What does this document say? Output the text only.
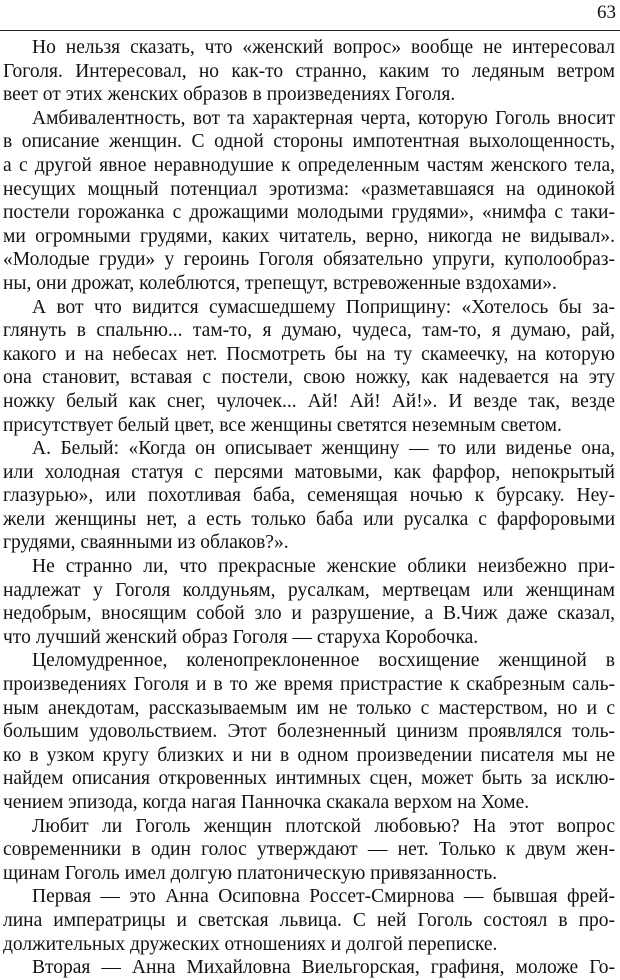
63
Но нельзя сказать, что «женский вопрос» вообще не интересовал
Гоголя. Интересовал, но как-то странно, каким то ледяным ветром
веет от этих женских образов в произведениях Гоголя.
Амбивалентность, вот та характерная черта, которую Гоголь вносит
в описание женщин. С одной стороны импотентная выхолощенность,
а с другой явное неравнодушие к определенным частям женского тела,
несущих мощный потенциал эротизма: «разметавшаяся на одинокой
постели горожанка с дрожащими молодыми грудями», «нимфа с таки-
ми огромными грудями, каких читатель, верно, никогда не видывал».
«Молодые груди» у героинь Гоголя обязательно упруги, куполообраз-
ны, они дрожат, колеблются, трепещут, встревоженные вздохами».
А вот что видится сумасшедшему Поприщину: «Хотелось бы за-
глянуть в спальню... там-то, я думаю, чудеса, там-то, я думаю, рай,
какого и на небесах нет. Посмотреть бы на ту скамеечку, на которую
она становит, вставая с постели, свою ножку, как надевается на эту
ножку белый как снег, чулочек... Ай! Ай! Ай!». И везде так, везде
присутствует белый цвет, все женщины светятся неземным светом.
А. Белый: «Когда он описывает женщину — то или виденье она,
или холодная статуя с персями матовыми, как фарфор, непокрытый
глазурью», или похотливая баба, семенящая ночью к бурсаку. Неу-
жели женщины нет, а есть только баба или русалка с фарфоровыми
грудями, сваянными из облаков?».
Не странно ли, что прекрасные женские облики неизбежно при-
надлежат у Гоголя колдуньям, русалкам, мертвецам или женщинам
недобрым, вносящим собой зло и разрушение, а В.Чиж даже сказал,
что лучший женский образ Гоголя — старуха Коробочка.
Целомудренное, коленопреклоненное восхищение женщиной в
произведениях Гоголя и в то же время пристрастие к скабрезным саль-
ным анекдотам, рассказываемым им не только с мастерством, но и с
большим удовольствием. Этот болезненный цинизм проявлялся толь-
ко в узком кругу близких и ни в одном произведении писателя мы не
найдем описания откровенных интимных сцен, может быть за исклю-
чением эпизода, когда нагая Панночка скакала верхом на Хоме.
Любит ли Гоголь женщин плотской любовью? На этот вопрос
современники в один голос утверждают — нет. Только к двум жен-
щинам Гоголь имел долгую платоническую привязанность.
Первая — это Анна Осиповна Россет-Смирнова — бывшая фрей-
лина императрицы и светская львица. С ней Гоголь состоял в про-
должительных дружеских отношениях и долгой переписке.
Вторая — Анна Михайловна Виельгорская, графиня, моложе Го-
